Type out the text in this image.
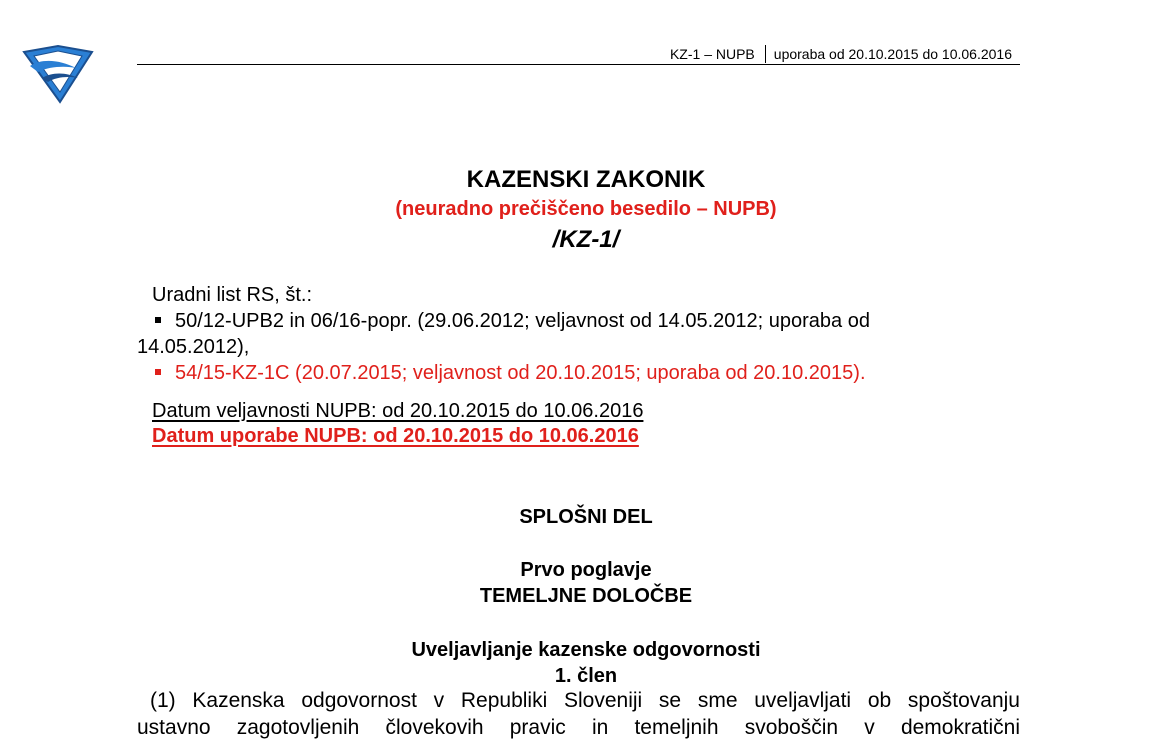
KZ-1 – NUPB uporaba od 20.10.2015 do 10.06.2016
KAZENSKI ZAKONIK
(neuradno prečiščeno besedilo – NUPB)
/KZ-1/
Uradni list RS, št.:
50/12-UPB2 in 06/16-popr. (29.06.2012; veljavnost od 14.05.2012; uporaba od
14.05.2012),
54/15-KZ-1C (20.07.2015; veljavnost od 20.10.2015; uporaba od 20.10.2015).
Datum veljavnosti NUPB: od 20.10.2015 do 10.06.2016
Datum uporabe NUPB: od 20.10.2015 do 10.06.2016
SPLOŠNI DEL
Prvo poglavje
TEMELJNE DOLOČBE
Uveljavljanje kazenske odgovornosti
1. člen
(1) Kazenska odgovornost v Republiki Sloveniji se sme uveljavljati ob spoštovanju
ustavno zagotovljenih človekovih pravic in temeljnih svoboščin v demokratični
